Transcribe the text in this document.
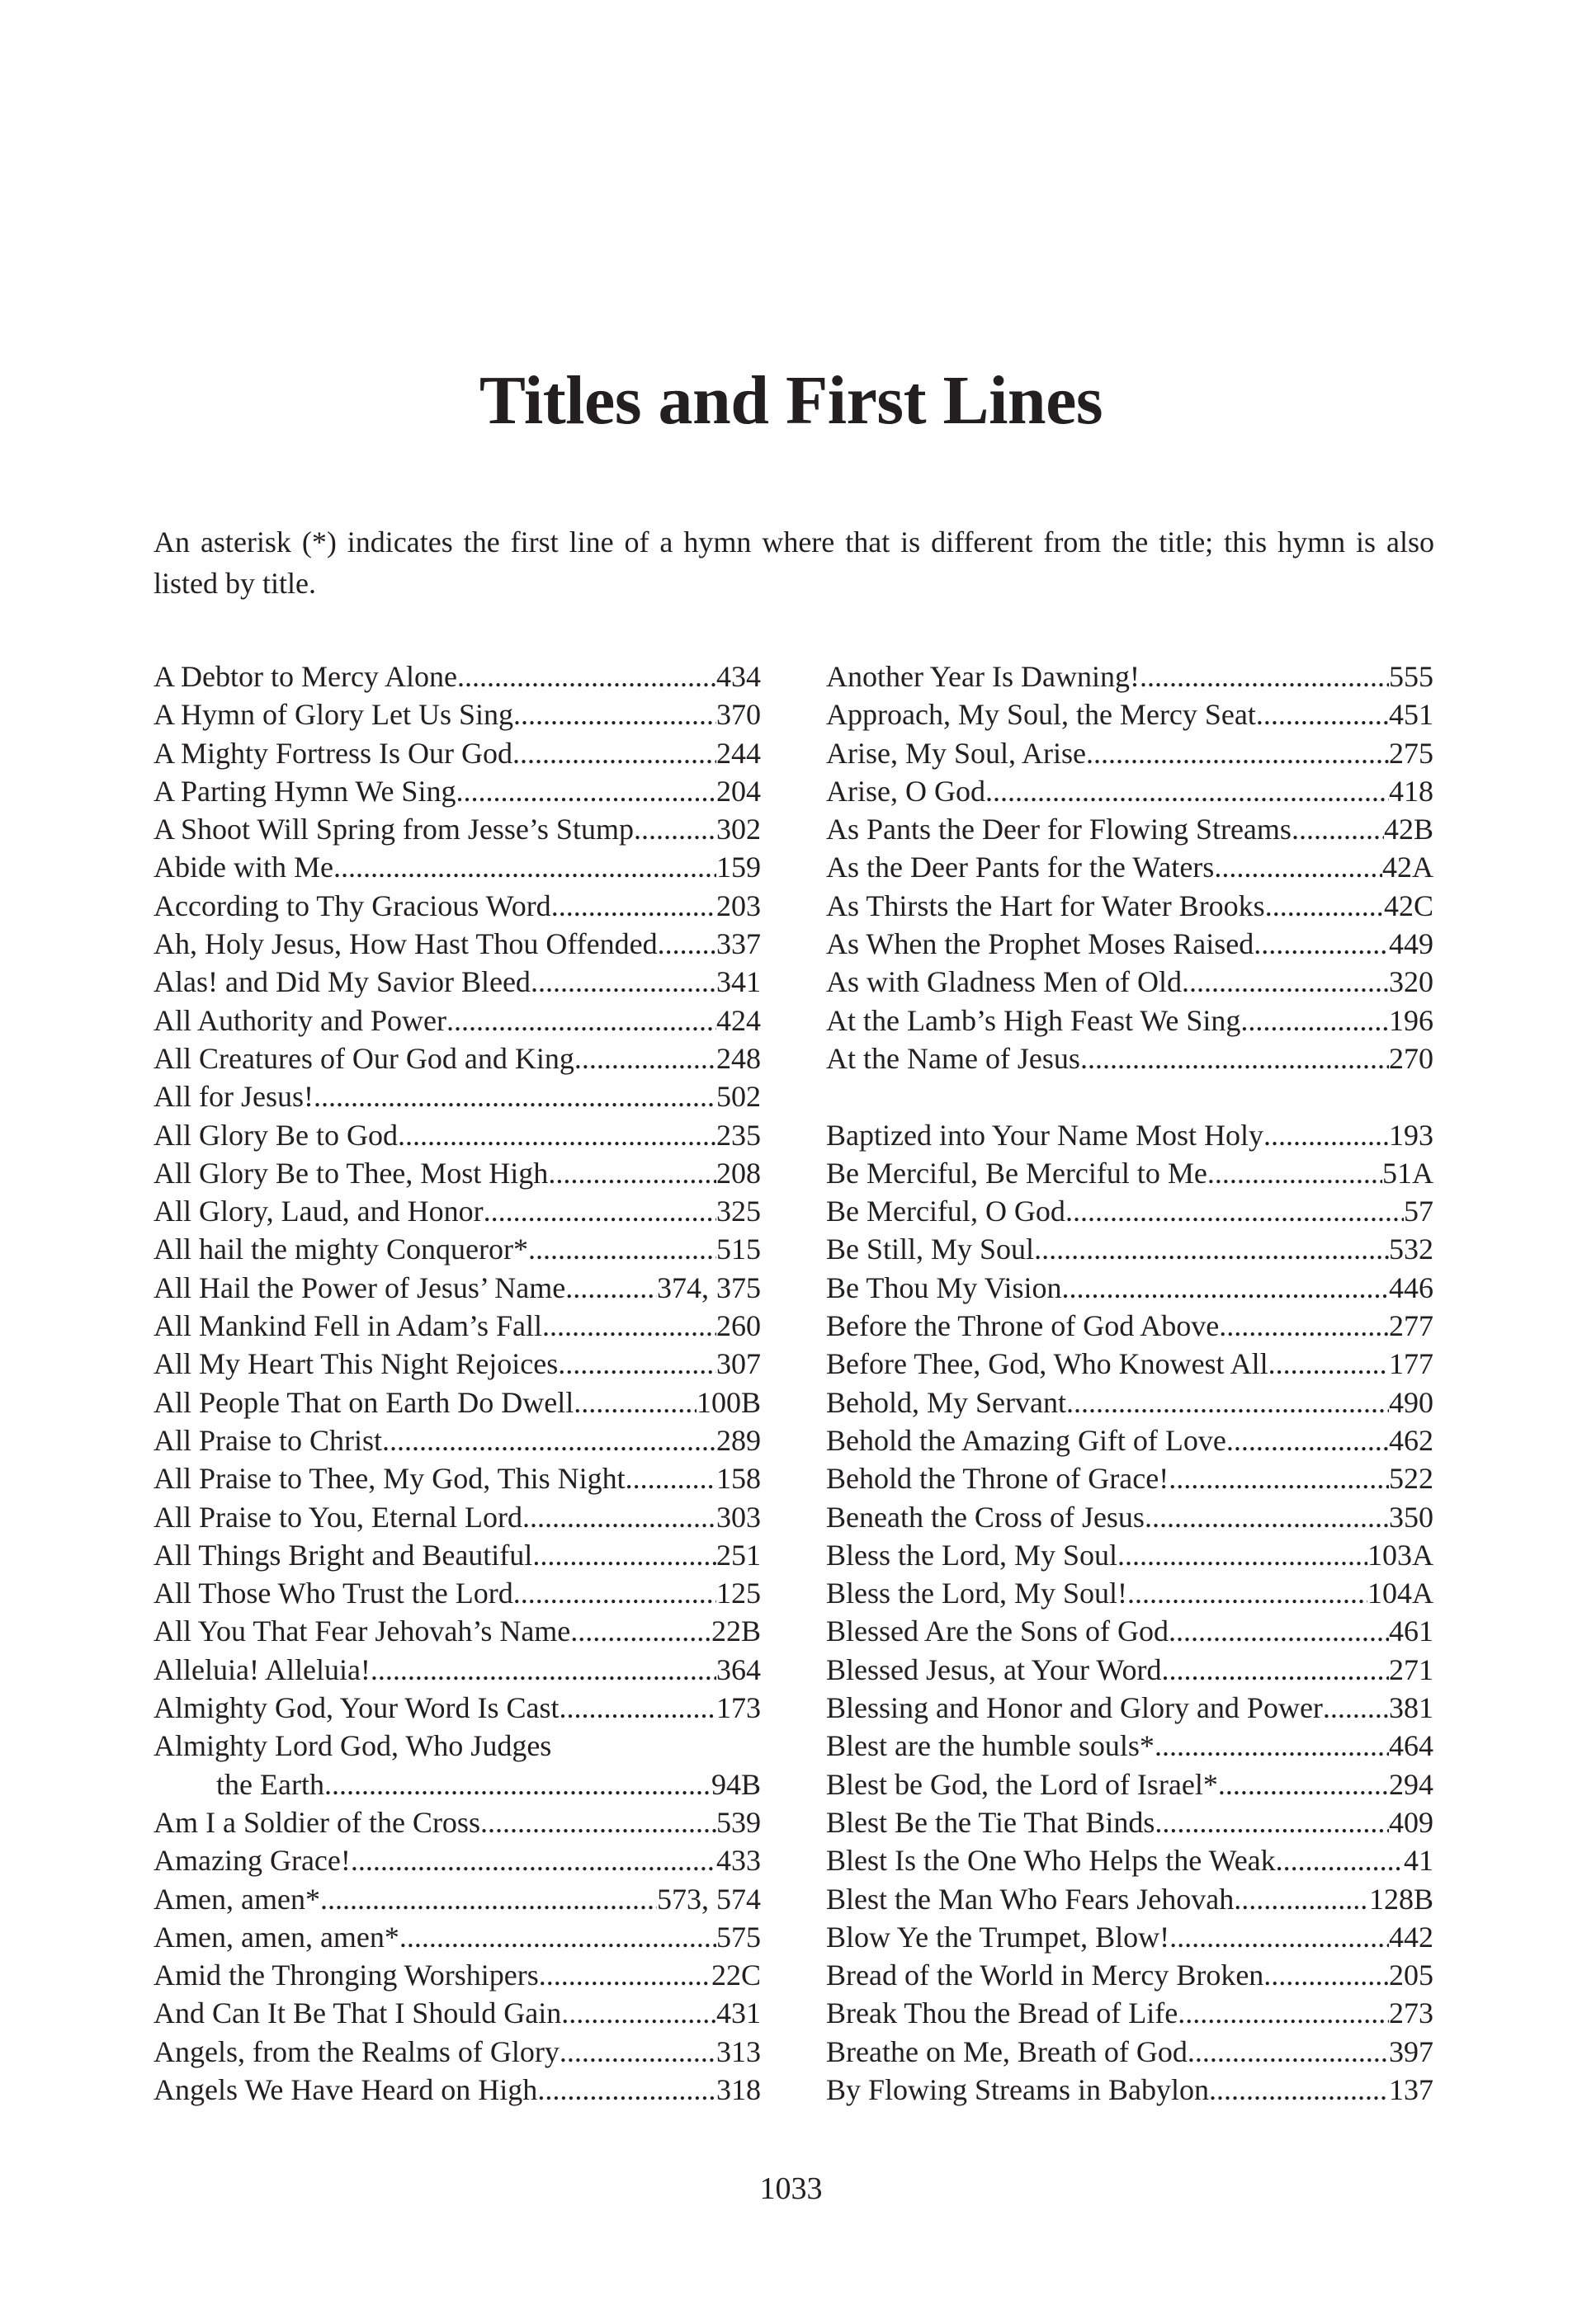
Titles and First Lines

An asterisk (*) indicates the first line of a hymn where that is different from the title; this hymn is also listed by title.

A Debtor to Mercy Alone .....	434
A Hymn of Glory Let Us Sing .....	370
A Mighty Fortress Is Our God .....	244
A Parting Hymn We Sing .....	204
A Shoot Will Spring from Jesse’s Stump .....	302
Abide with Me .....	159
According to Thy Gracious Word .....	203
Ah, Holy Jesus, How Hast Thou Offended ..... 337
Alas! and Did My Savior Bleed .....	341
All Authority and Power .....	424
All Creatures of Our God and King .....	248
All for Jesus! .....	502
All Glory Be to God .....	235
All Glory Be to Thee, Most High .....	208
All Glory, Laud, and Honor .....	325
All hail the mighty Conqueror* .....	515
All Hail the Power of Jesus’ Name .....	374, 375
All Mankind Fell in Adam’s Fall .....	260
All My Heart This Night Rejoices .....	307
All People That on Earth Do Dwell .....	100B
All Praise to Christ .....	289
All Praise to Thee, My God, This Night .....	158
All Praise to You, Eternal Lord .....	303
All Things Bright and Beautiful .....	251
All Those Who Trust the Lord .....	125
All You That Fear Jehovah’s Name .....	22B
Alleluia! Alleluia! .....	364
Almighty God, Your Word Is Cast .....	173
Almighty Lord God, Who Judges
the Earth .....	94B
Am I a Soldier of the Cross .....	539
Amazing Grace! .....	433
Amen, amen* .....	573, 574
Amen, amen, amen* .....	575
Amid the Thronging Worshipers .....	22C
And Can It Be That I Should Gain .....	431
Angels, from the Realms of Glory .....	313
Angels We Have Heard on High .....	318
Another Year Is Dawning! .....	555
Approach, My Soul, the Mercy Seat .....	451
Arise, My Soul, Arise .....	275
Arise, O God .....	418
As Pants the Deer for Flowing Streams .....	42B
As the Deer Pants for the Waters .....	42A
As Thirsts the Hart for Water Brooks .....	42C
As When the Prophet Moses Raised .....	449
As with Gladness Men of Old .....	320
At the Lamb’s High Feast We Sing .....	196
At the Name of Jesus .....	270
Baptized into Your Name Most Holy .....	193
Be Merciful, Be Merciful to Me .....	51A
Be Merciful, O God .....	57
Be Still, My Soul .....	532
Be Thou My Vision .....	446
Before the Throne of God Above .....	277
Before Thee, God, Who Knowest All .....	177
Behold, My Servant .....	490
Behold the Amazing Gift of Love .....	462
Behold the Throne of Grace! .....	522
Beneath the Cross of Jesus .....	350
Bless the Lord, My Soul .....	103A
Bless the Lord, My Soul! .....	104A
Blessed Are the Sons of God .....	461
Blessed Jesus, at Your Word .....	271
Blessing and Honor and Glory and Power ..... 381
Blest are the humble souls* .....	464
Blest be God, the Lord of Israel* .....	294
Blest Be the Tie That Binds .....	409
Blest Is the One Who Helps the Weak .....	41
Blest the Man Who Fears Jehovah .....	128B
Blow Ye the Trumpet, Blow! .....	442
Bread of the World in Mercy Broken .....	205
Break Thou the Bread of Life .....	273
Breathe on Me, Breath of God .....	397
By Flowing Streams in Babylon .....	137
1033
